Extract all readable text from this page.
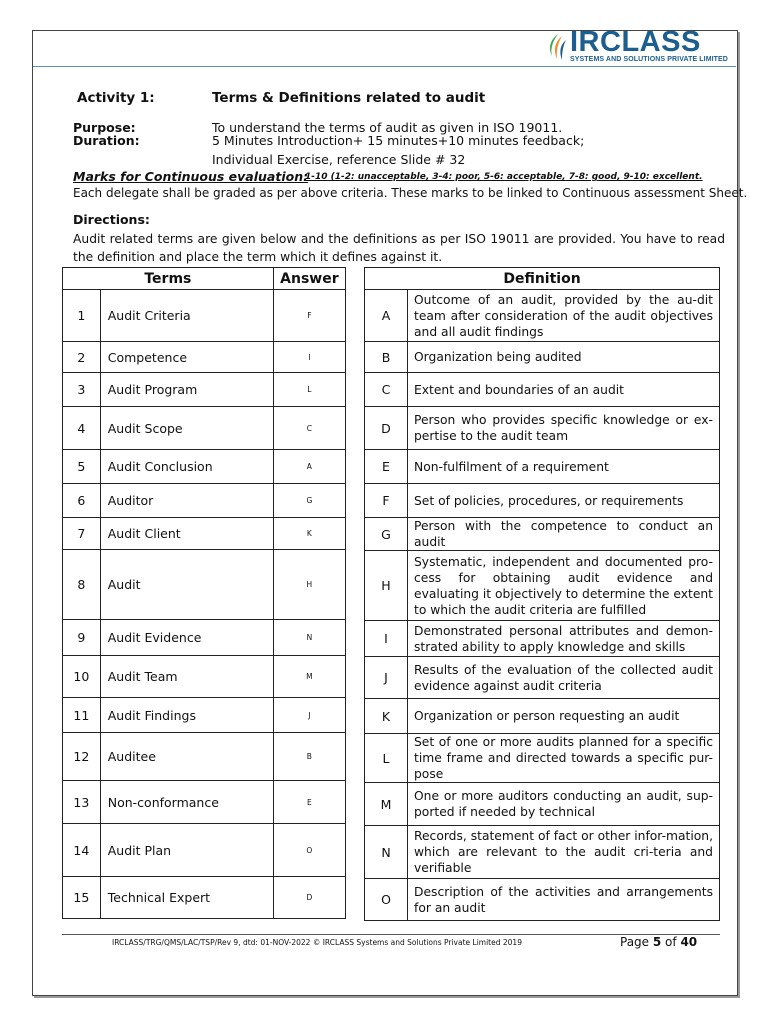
IRCLASS
SYSTEMS AND SOLUTIONS PRIVATE LIMITED
Activity 1:	Terms & Definitions related to audit
Purpose:	To understand the terms of audit as given in ISO 19011.
Duration:	5 Minutes Introduction+ 15 minutes+10 minutes feedback;
Individual Exercise, reference Slide # 32
Marks for Continuous evaluation:
1-10 (1-2: unacceptable, 3-4: poor, 5-6: acceptable, 7-8: good, 9-10: excellent.
Each delegate shall be graded as per above criteria. These marks to be linked to Continuous assessment Sheet.
Directions:
Audit related terms are given below and the definitions as per ISO 19011 are provided. You have to read the definition and place the term which it defines against it.
Terms		Answer
1	Audit Criteria	F
2	Competence	I
3	Audit Program	L
4	Audit Scope	C
5	Audit Conclusion	A
6	Auditor	G
7	Audit Client	K
8	Audit	H
9	Audit Evidence	N
10	Audit Team	M
11	Audit Findings	J
12	Auditee	B
13	Non-conformance	E
14	Audit Plan	O
15	Technical Expert	D
Definition	
A	Outcome of an audit, provided by the au-dit team after consideration of the audit objectives and all audit findings
B	Organization being audited
C	Extent and boundaries of an audit
D	Person who provides specific knowledge or ex-pertise to the audit team
E	Non-fulfilment of a requirement
F	Set of policies, procedures, or requirements
G	Person with the competence to conduct an audit
H	Systematic, independent and documented pro-cess for obtaining audit evidence and evaluating it objectively to determine the extent to which the audit criteria are fulfilled
I	Demonstrated personal attributes and demon-strated ability to apply knowledge and skills
J	Results of the evaluation of the collected audit evidence against audit criteria
K	Organization or person requesting an audit
L	Set of one or more audits planned for a specific time frame and directed towards a specific pur-pose
M	One or more auditors conducting an audit, sup-ported if needed by technical
N	Records, statement of fact or other infor-mation, which are relevant to the audit cri-teria and verifiable
O	Description of the activities and arrangements for an audit
IRCLASS/TRG/QMS/LAC/TSP/Rev 9, dtd: 01-NOV-2022 © IRCLASS Systems and Solutions Private Limited 2019	Page 5 of 40
